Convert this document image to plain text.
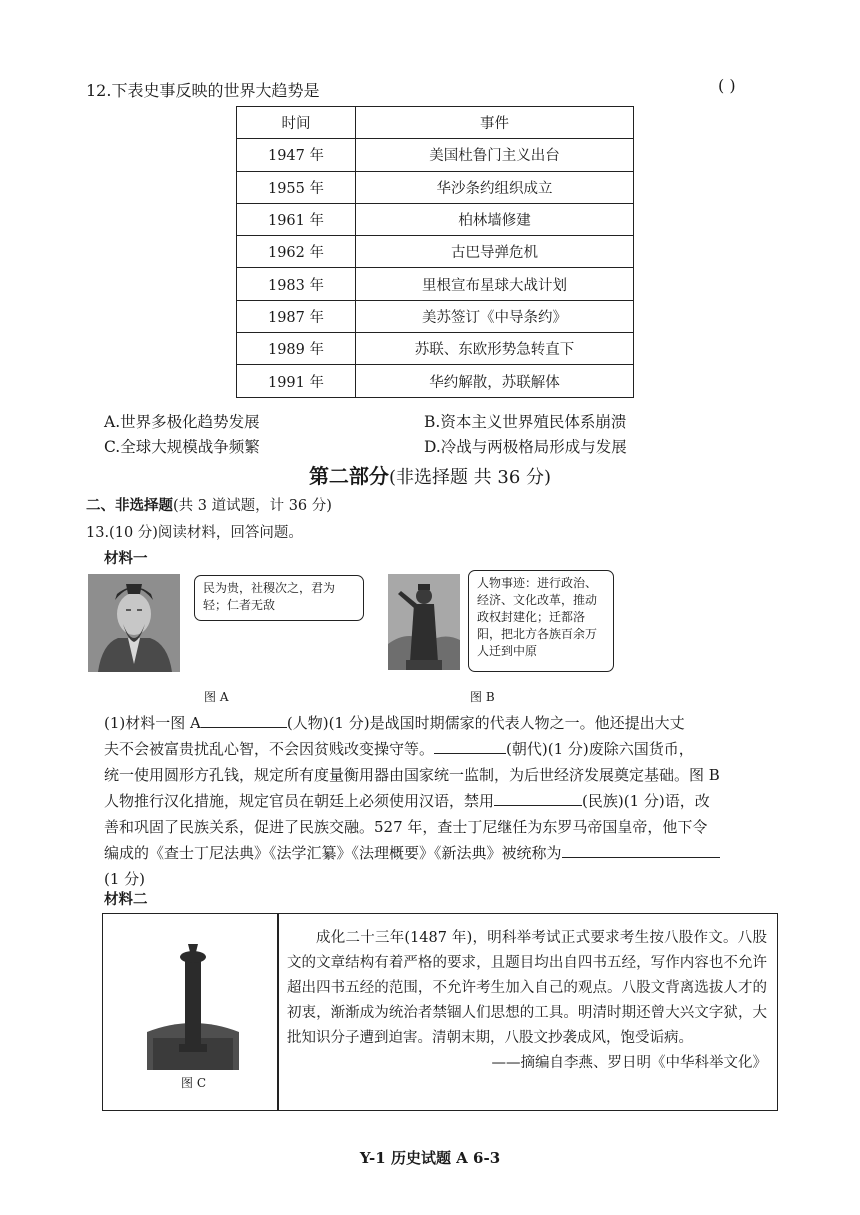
12.下表史事反映的世界大趋势是	( )
时间	事件
1947 年	美国杜鲁门主义出台
1955 年	华沙条约组织成立
1961 年	柏林墙修建
1962 年	古巴导弹危机
1983 年	里根宣布星球大战计划
1987 年	美苏签订《中导条约》
1989 年	苏联、东欧形势急转直下
1991 年	华约解散，苏联解体
A.世界多极化趋势发展	B.资本主义世界殖民体系崩溃
C.全球大规模战争频繁	D.冷战与两极格局形成与发展
第二部分(非选择题 共 36 分)
二、非选择题(共 3 道试题，计 36 分)
13.(10 分)阅读材料，回答问题。
材料一
民为贵，社稷次之，君为轻；仁者无敌
图 A
人物事迹：进行政治、经济、文化改革，推动政权封建化；迁都洛阳，把北方各族百余万人迁到中原
图 B
(1)材料一图 A	(人物)(1 分)是战国时期儒家的代表人物之一。他还提出大丈
夫不会被富贵扰乱心智，不会因贫贱改变操守等。	(朝代)(1 分)废除六国货币，
统一使用圆形方孔钱，规定所有度量衡用器由国家统一监制，为后世经济发展奠定基础。图 B
人物推行汉化措施，规定官员在朝廷上必须使用汉语，禁用	(民族)(1 分)语，改
善和巩固了民族关系，促进了民族交融。527 年，查士丁尼继任为东罗马帝国皇帝，他下令
编成的《查士丁尼法典》《法学汇纂》《法理概要》《新法典》被统称为
(1 分)
材料二
图 C
成化二十三年(1487 年)，明科举考试正式要求考生按八股作文。八股文的文章结构有着严格的要求，且题目均出自四书五经，写作内容也不允许超出四书五经的范围，不允许考生加入自己的观点。八股文背离选拔人才的初衷，渐渐成为统治者禁锢人们思想的工具。明清时期还曾大兴文字狱，大批知识分子遭到迫害。清朝末期，八股文抄袭成风，饱受诟病。
——摘编自李燕、罗日明《中华科举文化》
Y-1 历史试题 A 6-3
